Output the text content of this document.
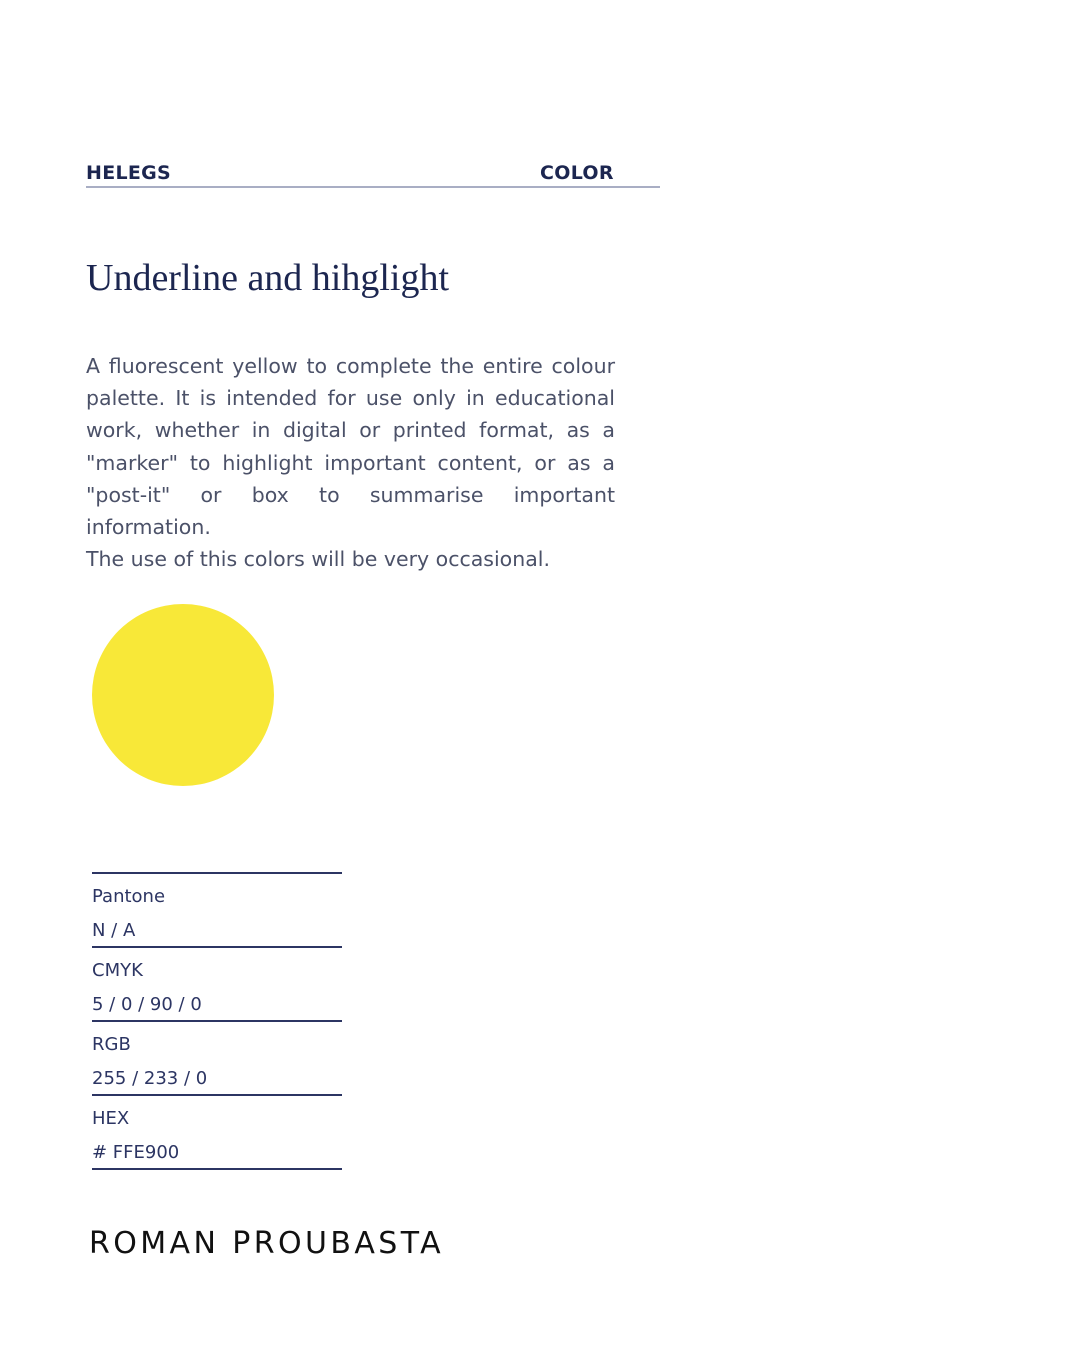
HELEGS	COLOR
Underline and hihglight

A fluorescent yellow to complete the entire colour palette. It is intended for use only in educational work, whether in digital or printed format, as a "marker" to highlight important content, or as a "post-it" or box to summarise important information.

The use of this colors will be very occasional.
Pantone
N / A
CMYK
5 / 0 / 90 / 0
RGB
255 / 233 / 0
HEX
# FFE900
ROMAN PROUBASTA
